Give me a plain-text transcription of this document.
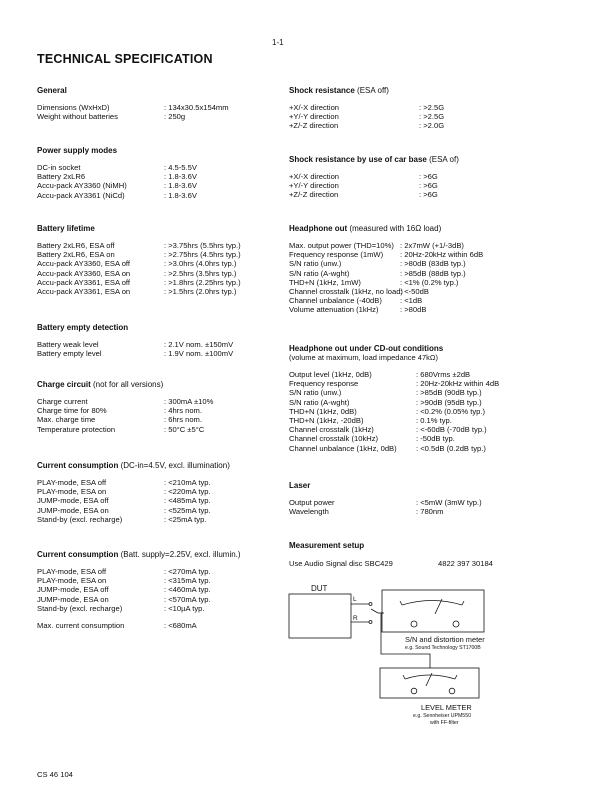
1-1
TECHNICAL SPECIFICATION
General
Dimensions (WxHxD)	: 134x30.5x154mm
Weight without batteries	: 250g
Power supply modes
DC-in socket	: 4.5-5.5V
Battery 2xLR6	: 1.8-3.6V
Accu-pack AY3360 (NiMH)	: 1.8-3.6V
Accu-pack AY3361 (NiCd)	: 1.8-3.6V
Battery lifetime
Battery 2xLR6, ESA off	: >3.75hrs (5.5hrs typ.)
Battery 2xLR6, ESA on	: >2.75hrs (4.5hrs typ.)
Accu-pack AY3360, ESA off	: >3.0hrs (4.0hrs typ.)
Accu-pack AY3360, ESA on	: >2.5hrs (3.5hrs typ.)
Accu-pack AY3361, ESA off	: >1.8hrs (2.25hrs typ.)
Accu-pack AY3361, ESA on	: >1.5hrs (2.0hrs typ.)
Battery empty detection
Battery weak level	: 2.1V nom. ±150mV
Battery empty level	: 1.9V nom. ±100mV
Charge circuit (not for all versions)
Charge current	: 300mA ±10%
Charge time for 80%	: 4hrs nom.
Max. charge time	: 6hrs nom.
Temperature protection	: 50°C ±5°C
Current consumption (DC-in=4.5V, excl. illumination)
PLAY-mode, ESA off	: <210mA typ.
PLAY-mode, ESA on	: <220mA typ.
JUMP-mode, ESA off	: <485mA typ.
JUMP-mode, ESA on	: <525mA typ.
Stand-by (excl. recharge)	: <25mA typ.
Current consumption (Batt. supply=2.25V, excl. illumin.)
PLAY-mode, ESA off	: <270mA typ.
PLAY-mode, ESA on	: <315mA typ.
JUMP-mode, ESA off	: <460mA typ.
JUMP-mode, ESA on	: <570mA typ.
Stand-by (excl. recharge)	: <10µA typ.
Max. current consumption	: <680mA
Shock resistance (ESA off)
+X/-X direction	: >2.5G
+Y/-Y direction	: >2.5G
+Z/-Z direction	: >2.0G
Shock resistance by use of car base (ESA of)
+X/-X direction	: >6G
+Y/-Y direction	: >6G
+Z/-Z direction	: >6G
Headphone out (measured with 16Ω load)
Max. output power (THD=10%) : 2x7mW (+1/-3dB)
Frequency response (1mW) : 20Hz-20kHz within 6dB
S/N ratio (unw.)	: >80dB (83dB typ.)
S/N ratio (A-wght)	: >85dB (88dB typ.)
THD+N (1kHz, 1mW)	: <1% (0.2% typ.)
Channel crosstalk (1kHz, no load)
: <-50dB
Channel unbalance (-40dB) : <1dB
Volume attenuation (1kHz)	: >80dB
Headphone out under CD-out conditions
(volume at maximum, load impedance 47kΩ)
Output level (1kHz, 0dB)	: 680Vrms ±2dB
Frequency response	: 20Hz-20kHz within 4dB
S/N ratio (unw.)	: >85dB (90dB typ.)
S/N ratio (A-wght)	: >90dB (95dB typ.)
THD+N (1kHz, 0dB)	: <0.2% (0.05% typ.)
THD+N (1kHz, -20dB)	: 0.1% typ.
Channel crosstalk (1kHz)	: <-60dB (-70dB typ.)
Channel crosstalk (10kHz)	: -50dB typ.
Channel unbalance (1kHz, 0dB)	: <0.5dB (0.2dB typ.)
Laser
Output power	: <5mW (3mW typ.)
Wavelength	: 780nm
Measurement setup
Use Audio Signal disc SBC429	4822 397 30184
DUT
L
R
S/N and distortion meter
e.g. Sound Technology ST1700B
LEVEL METER
e.g. Sennheiser UPM550
with FF-filter
CS 46 104
